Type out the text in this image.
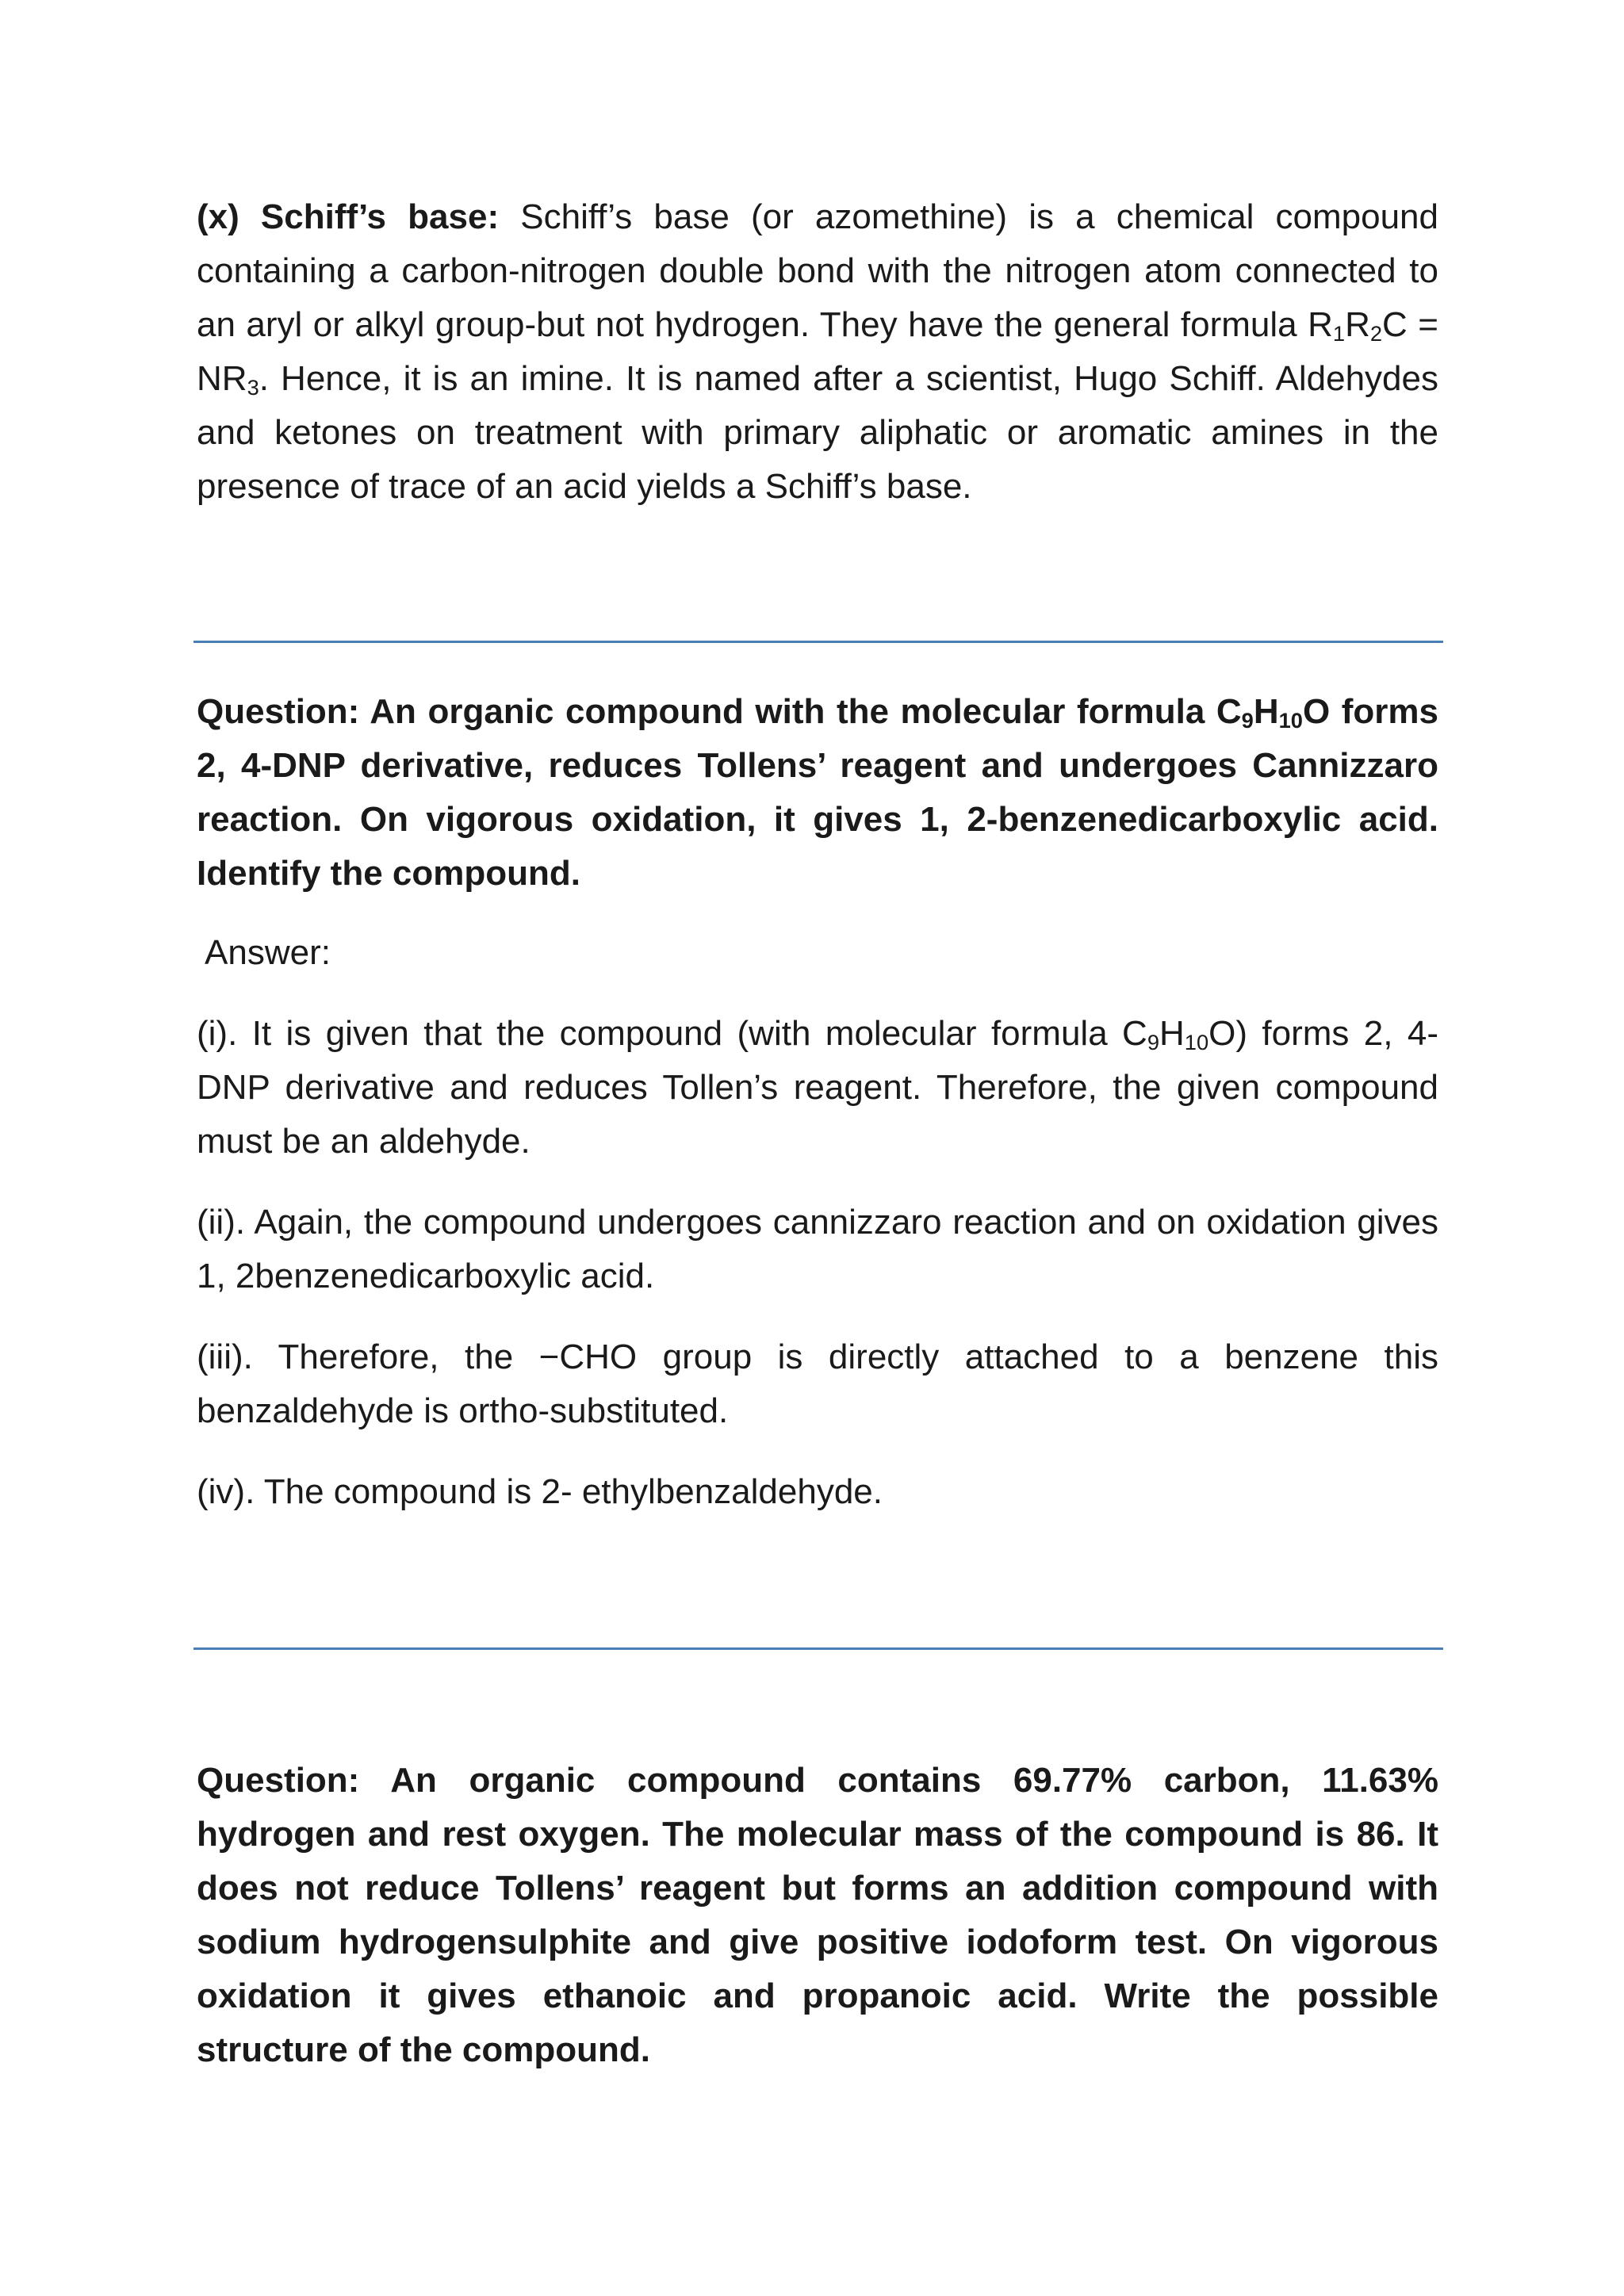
(x) Schiff’s base: Schiff’s base (or azomethine) is a chemical compound containing a carbon-nitrogen double bond with the nitrogen atom connected to an aryl or alkyl group-but not hydrogen. They have the general formula $R_1R_2C = NR_3$. Hence, it is an imine. It is named after a scientist, Hugo Schiff. Aldehydes and ketones on treatment with primary aliphatic or aromatic amines in the presence of trace of an acid yields a Schiff’s base.

Question: An organic compound with the molecular formula $C_9H_{10}O$ forms 2, 4-DNP derivative, reduces Tollens’ reagent and undergoes Cannizzaro reaction. On vigorous oxidation, it gives 1, 2-benzenedicarboxylic acid. Identify the compound.

Answer:

(i). It is given that the compound (with molecular formula $C_9H_{10}O$) forms 2, 4-DNP derivative and reduces Tollen’s reagent. Therefore, the given compound must be an aldehyde.

(ii). Again, the compound undergoes cannizzaro reaction and on oxidation gives 1, 2benzenedicarboxylic acid.

(iii). Therefore, the −CHO group is directly attached to a benzene this benzaldehyde is ortho-substituted.

(iv). The compound is 2- ethylbenzaldehyde.

Question: An organic compound contains 69.77% carbon, 11.63% hydrogen and rest oxygen. The molecular mass of the compound is 86. It does not reduce Tollens’ reagent but forms an addition compound with sodium hydrogensulphite and give positive iodoform test. On vigorous oxidation it gives ethanoic and propanoic acid. Write the possible structure of the compound.
